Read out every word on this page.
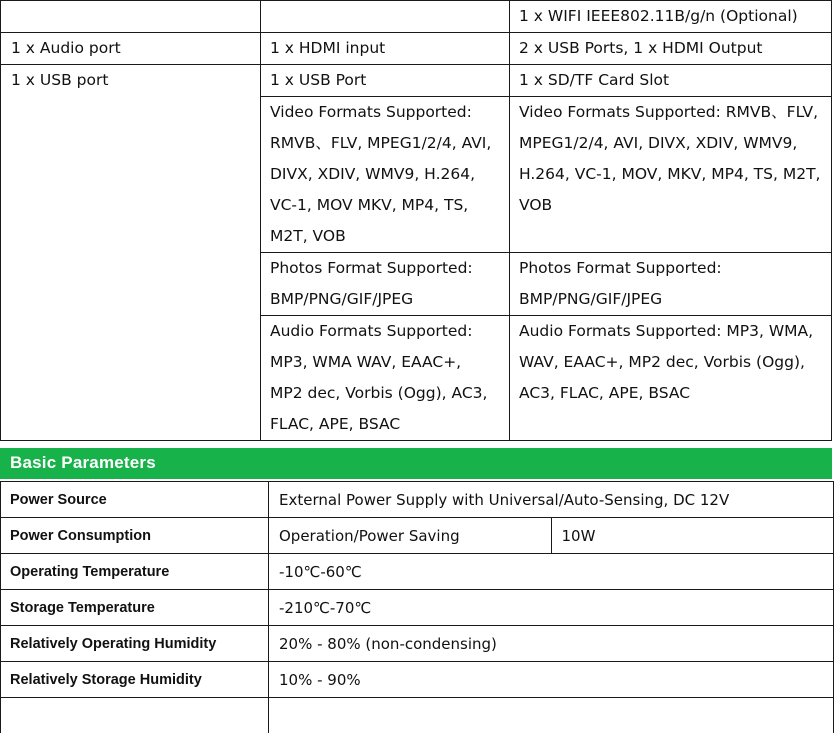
		1 x WIFI IEEE802.11B/g/n (Optional)

1 x Audio port	1 x HDMI input	2 x USB Ports, 1 x HDMI Output

1 x USB port	1 x USB Port	1 x SD/TF Card Slot

	Video Formats Supported:
RMVB、FLV, MPEG1/2/4, AVI,
DIVX, XDIV, WMV9, H.264,
VC-1, MOV MKV, MP4, TS,
M2T, VOB	Video Formats Supported: RMVB、FLV,
MPEG1/2/4, AVI, DIVX, XDIV, WMV9,
H.264, VC-1, MOV, MKV, MP4, TS, M2T,
VOB

	Photos Format Supported:
BMP/PNG/GIF/JPEG	Photos Format Supported:
BMP/PNG/GIF/JPEG

	Audio Formats Supported:
MP3, WMA WAV, EAAC+,
MP2 dec, Vorbis (Ogg), AC3,
FLAC, APE, BSAC	Audio Formats Supported: MP3, WMA,
WAV, EAAC+, MP2 dec, Vorbis (Ogg),
AC3, FLAC, APE, BSAC
Basic Parameters
Power Source	External Power Supply with Universal/Auto-Sensing, DC 12V	
Power Consumption	Operation/Power Saving	10W
Operating Temperature	-10℃-60℃	
Storage Temperature	-210℃-70℃	
Relatively Operating Humidity	20% - 80% (non-condensing)	
Relatively Storage Humidity	10% - 90%	
